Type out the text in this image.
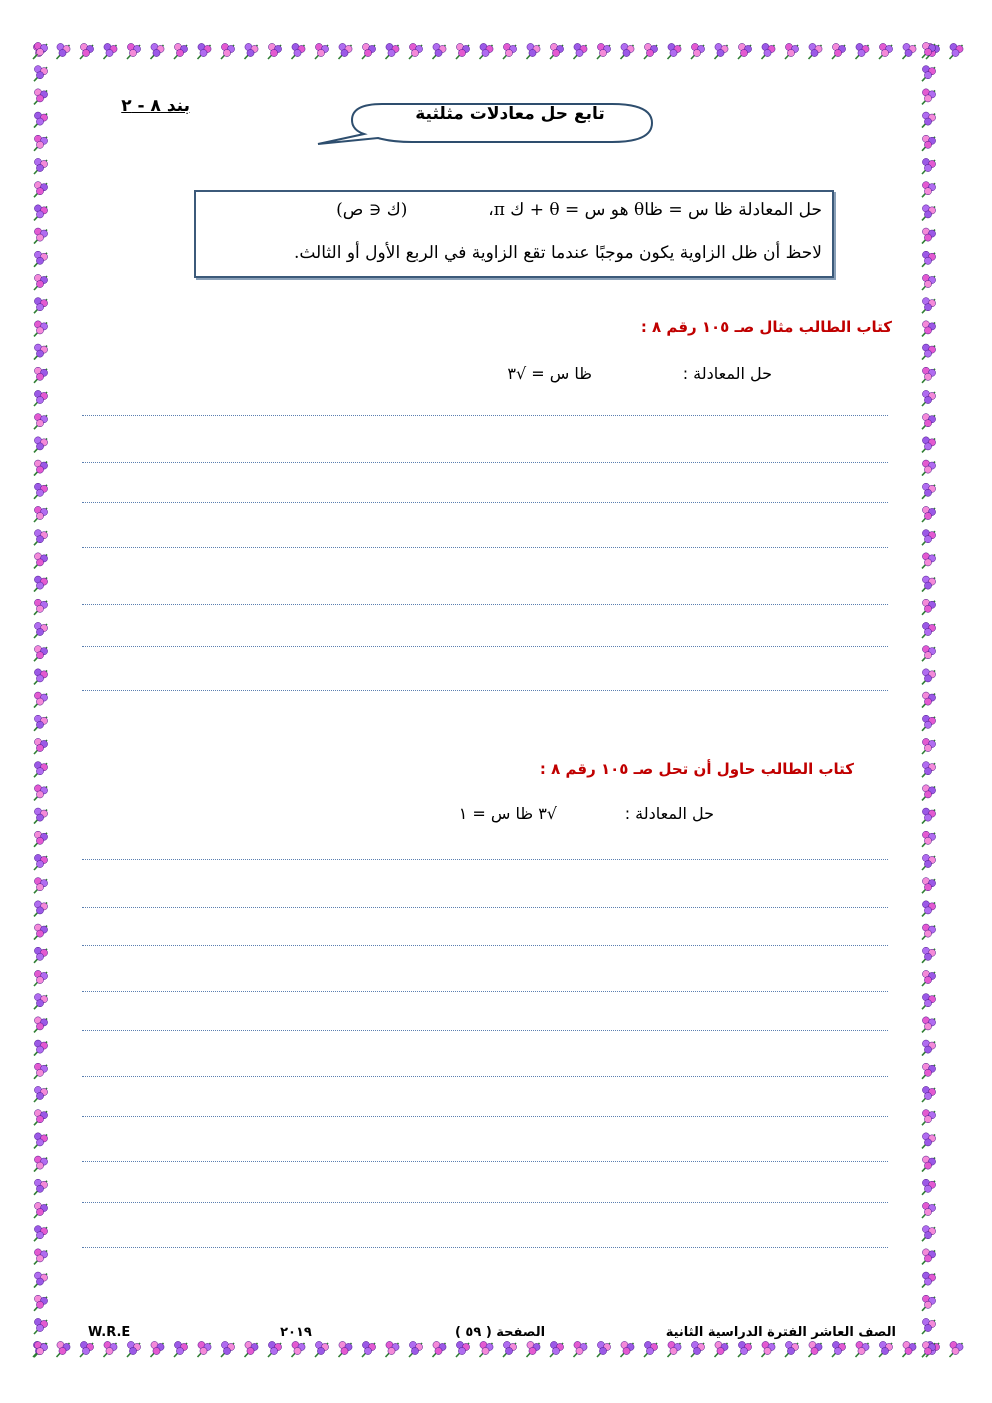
بند ٨ - ٢	تابع حل معادلات مثلثية
حل المعادلة ظا س = ظاθ هو س = θ + ك π،  (ك ∈ ص)
لاحظ أن ظل الزاوية يكون موجبًا عندما تقع الزاوية في الربع الأول أو الثالث.
كتاب الطالب مثال صـ ١٠٥ رقم ٨ :
حل المعادلة :
ظا س = √٣
كتاب الطالب حاول أن تحل صـ ١٠٥ رقم ٨ :
حل المعادلة :
√٣ ظا س = ١
الصف العاشر الفترة الدراسية الثانية
الصفحة ( ٥٩ )
٢٠١٩
W.R.E
